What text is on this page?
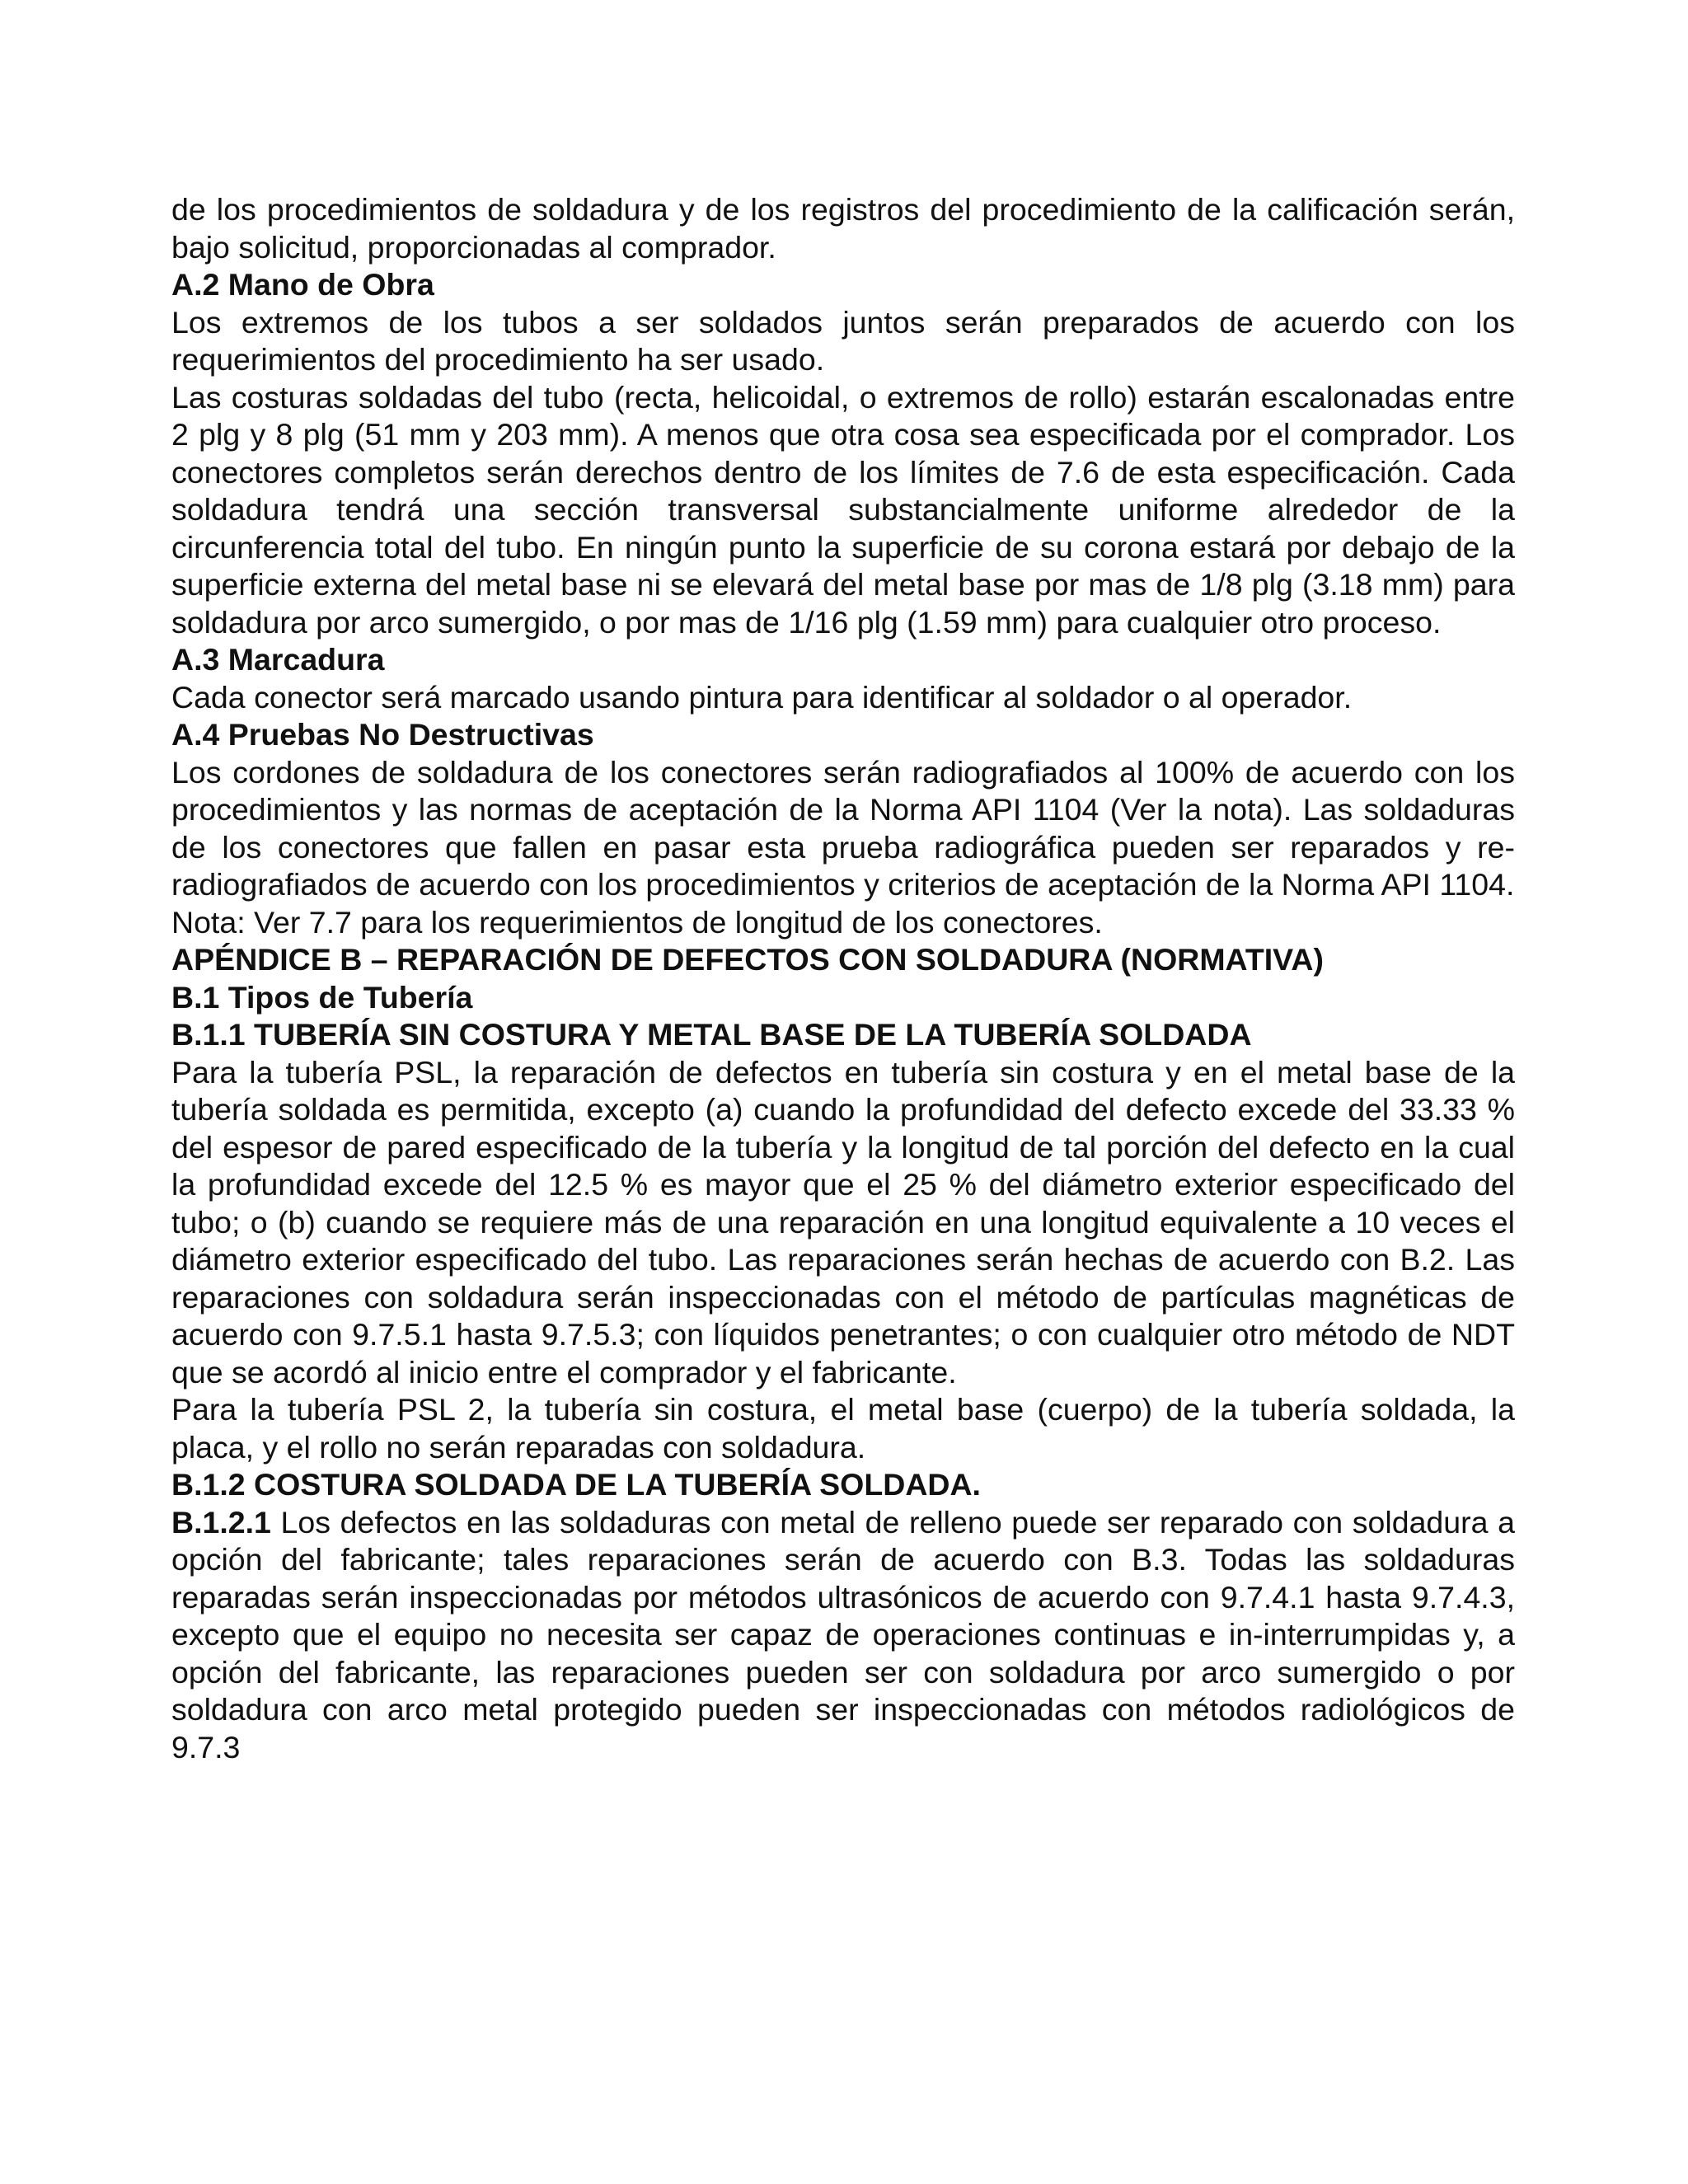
de los procedimientos de soldadura y de los registros del procedimiento de la calificación serán, bajo solicitud, proporcionadas al comprador.

A.2 Mano de Obra

Los extremos de los tubos a ser soldados juntos serán preparados de acuerdo con los requerimientos del procedimiento ha ser usado.

Las costuras soldadas del tubo (recta, helicoidal, o extremos de rollo) estarán escalonadas entre 2 plg y 8 plg (51 mm y 203 mm). A menos que otra cosa sea especificada por el comprador. Los conectores completos serán derechos dentro de los límites de 7.6 de esta especificación. Cada soldadura tendrá una sección transversal substancialmente uniforme alrededor de la circunferencia total del tubo. En ningún punto la superficie de su corona estará por debajo de la superficie externa del metal base ni se elevará del metal base por mas de 1/8 plg (3.18 mm) para soldadura por arco sumergido, o por mas de 1/16 plg (1.59 mm) para cualquier otro proceso.

A.3 Marcadura

Cada conector será marcado usando pintura para identificar al soldador o al operador.

A.4 Pruebas No Destructivas

Los cordones de soldadura de los conectores serán radiografiados al 100% de acuerdo con los procedimientos y las normas de aceptación de la Norma API 1104 (Ver la nota). Las soldaduras de los conectores que fallen en pasar esta prueba radiográfica pueden ser reparados y re-radiografiados de acuerdo con los procedimientos y criterios de aceptación de la Norma API 1104.

Nota: Ver 7.7 para los requerimientos de longitud de los conectores.

APÉNDICE B – REPARACIÓN DE DEFECTOS CON SOLDADURA (NORMATIVA)
B.1 Tipos de Tubería
B.1.1 TUBERÍA SIN COSTURA Y METAL BASE DE LA TUBERÍA SOLDADA

Para la tubería PSL, la reparación de defectos en tubería sin costura y en el metal base de la tubería soldada es permitida, excepto (a) cuando la profundidad del defecto excede del 33.33 % del espesor de pared especificado de la tubería y la longitud de tal porción del defecto en la cual la profundidad excede del 12.5 % es mayor que el 25 % del diámetro exterior especificado del tubo; o (b) cuando se requiere más de una reparación en una longitud equivalente a 10 veces el diámetro exterior especificado del tubo. Las reparaciones serán hechas de acuerdo con B.2. Las reparaciones con soldadura serán inspeccionadas con el método de partículas magnéticas de acuerdo con 9.7.5.1 hasta 9.7.5.3; con líquidos penetrantes; o con cualquier otro método de NDT que se acordó al inicio entre el comprador y el fabricante.

Para la tubería PSL 2, la tubería sin costura, el metal base (cuerpo) de la tubería soldada, la placa, y el rollo no serán reparadas con soldadura.

B.1.2 COSTURA SOLDADA DE LA TUBERÍA SOLDADA.

B.1.2.1 Los defectos en las soldaduras con metal de relleno puede ser reparado con soldadura a opción del fabricante; tales reparaciones serán de acuerdo con B.3. Todas las soldaduras reparadas serán inspeccionadas por métodos ultrasónicos de acuerdo con 9.7.4.1 hasta 9.7.4.3, excepto que el equipo no necesita ser capaz de operaciones continuas e in-interrumpidas y, a opción del fabricante, las reparaciones pueden ser con soldadura por arco sumergido o por soldadura con arco metal protegido pueden ser inspeccionadas con métodos radiológicos de 9.7.3
